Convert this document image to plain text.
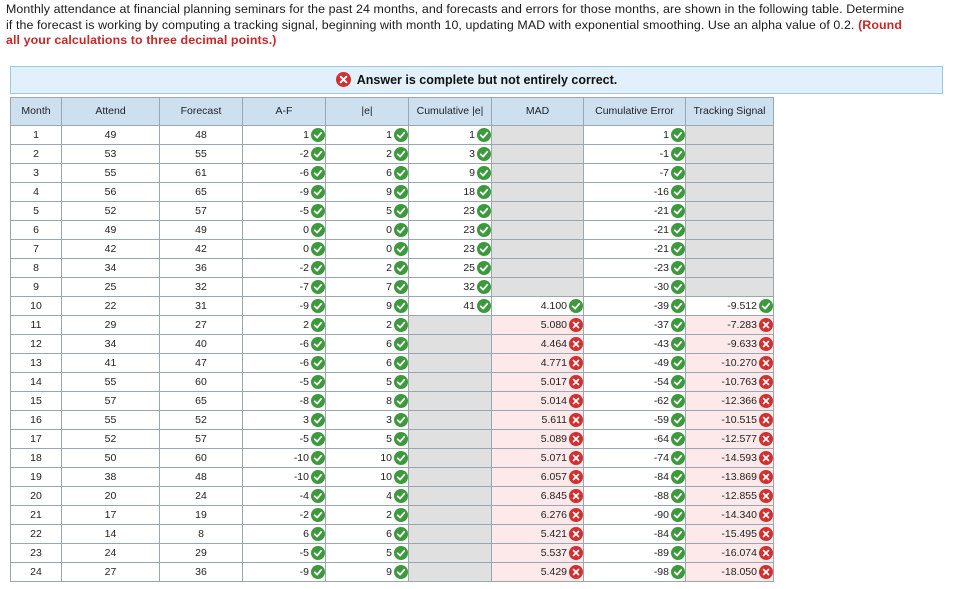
Monthly attendance at financial planning seminars for the past 24 months, and forecasts and errors for those months, are shown in the following table. Determine if the forecast is working by computing a tracking signal, beginning with month 10, updating MAD with exponential smoothing. Use an alpha value of 0.2. (Round all your calculations to three decimal points.)
Answer is complete but not entirely correct.
Month	Attend	Forecast	A-F	|e|	Cumulative |e|	MAD	Cumulative Error	Tracking Signal
1	49	48	1	1	1		1	
2	53	55	-2	2	3		-1	
3	55	61	-6	6	9		-7	
4	56	65	-9	9	18		-16	
5	52	57	-5	5	23		-21	
6	49	49	0	0	23		-21	
7	42	42	0	0	23		-21	
8	34	36	-2	2	25		-23	
9	25	32	-7	7	32		-30	
10	22	31	-9	9	41	4.100	-39	-9.512
11	29	27	2	2		5.080	-37	-7.283
12	34	40	-6	6		4.464	-43	-9.633
13	41	47	-6	6		4.771	-49	-10.270
14	55	60	-5	5		5.017	-54	-10.763
15	57	65	-8	8		5.014	-62	-12.366
16	55	52	3	3		5.611	-59	-10.515
17	52	57	-5	5		5.089	-64	-12.577
18	50	60	-10	10		5.071	-74	-14.593
19	38	48	-10	10		6.057	-84	-13.869
20	20	24	-4	4		6.845	-88	-12.855
21	17	19	-2	2		6.276	-90	-14.340
22	14	8	6	6		5.421	-84	-15.495
23	24	29	-5	5		5.537	-89	-16.074
24	27	36	-9	9		5.429	-98	-18.050
